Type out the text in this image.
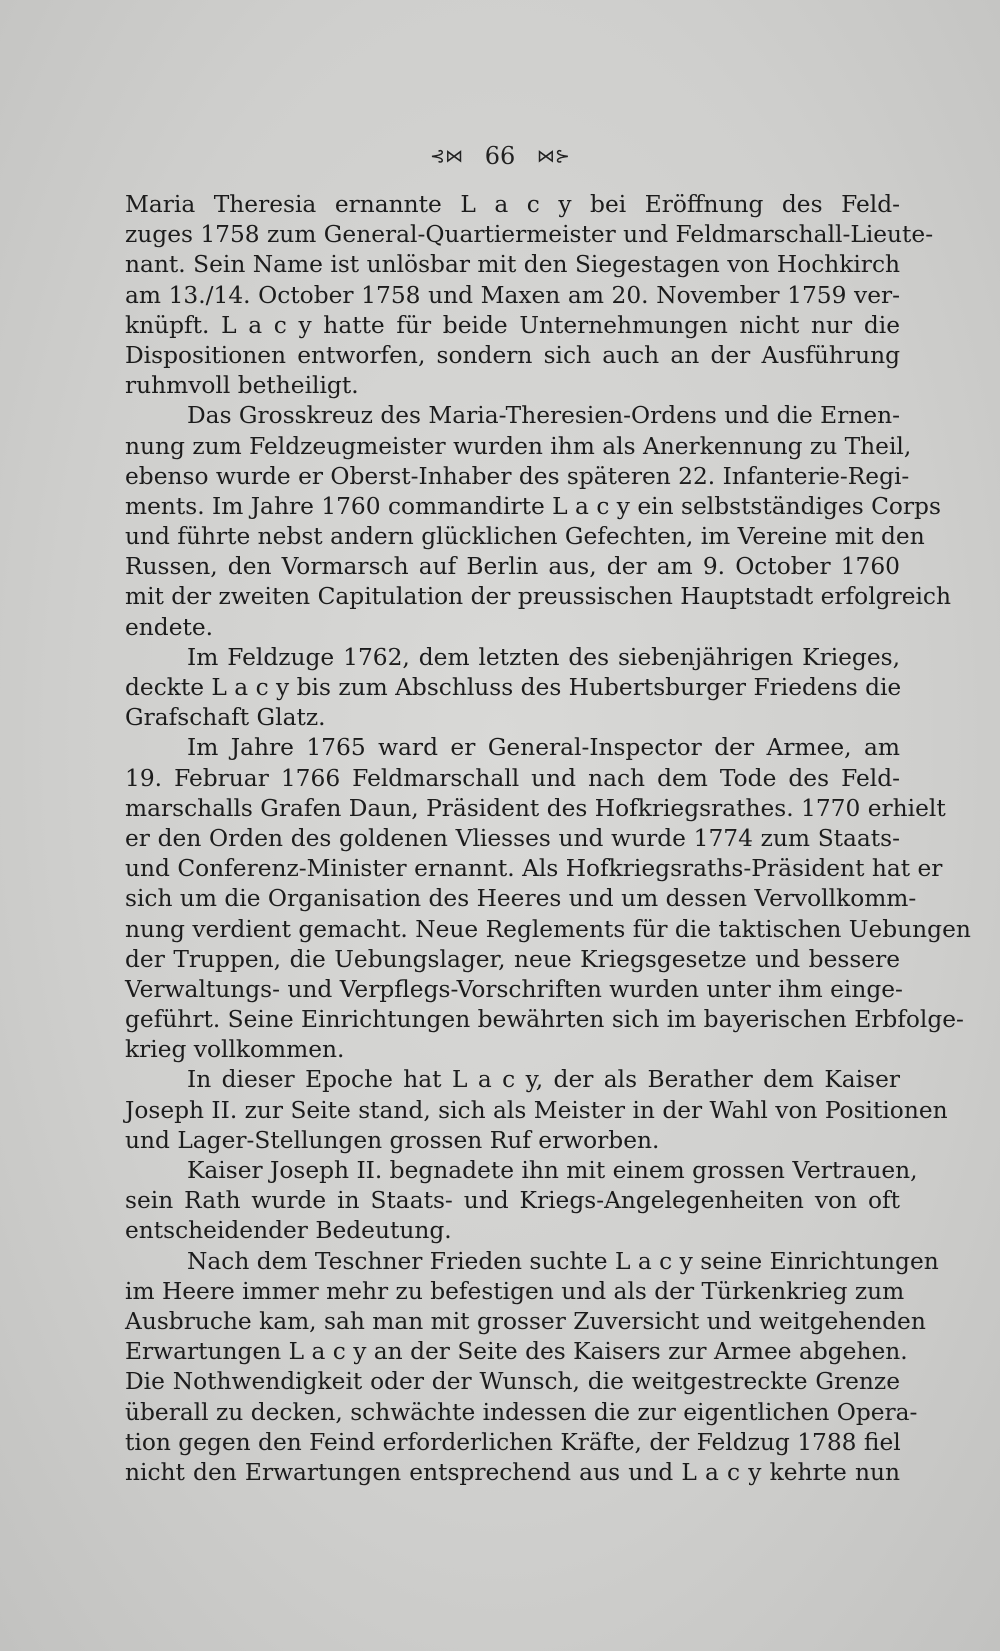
⊰⋈ 66 ⋈⊱
Maria Theresia ernannte L a c y bei Eröffnung des Feld-
zuges 1758 zum General-Quartiermeister und Feldmarschall-Lieute-
nant. Sein Name ist unlösbar mit den Siegestagen von Hochkirch
am 13./14. October 1758 und Maxen am 20. November 1759 ver-
knüpft. L a c y hatte für beide Unternehmungen nicht nur die
Dispositionen entworfen, sondern sich auch an der Ausführung
ruhmvoll betheiligt.
Das Grosskreuz des Maria-Theresien-Ordens und die Ernen-
nung zum Feldzeugmeister wurden ihm als Anerkennung zu Theil,
ebenso wurde er Oberst-Inhaber des späteren 22. Infanterie-Regi-
ments. Im Jahre 1760 commandirte L a c y ein selbstständiges Corps
und führte nebst andern glücklichen Gefechten, im Vereine mit den
Russen, den Vormarsch auf Berlin aus, der am 9. October 1760
mit der zweiten Capitulation der preussischen Hauptstadt erfolgreich
endete.
Im Feldzuge 1762, dem letzten des siebenjährigen Krieges,
deckte L a c y bis zum Abschluss des Hubertsburger Friedens die
Grafschaft Glatz.
Im Jahre 1765 ward er General-Inspector der Armee, am
19. Februar 1766 Feldmarschall und nach dem Tode des Feld-
marschalls Grafen Daun, Präsident des Hofkriegsrathes. 1770 erhielt
er den Orden des goldenen Vliesses und wurde 1774 zum Staats-
und Conferenz-Minister ernannt. Als Hofkriegsraths-Präsident hat er
sich um die Organisation des Heeres und um dessen Vervollkomm-
nung verdient gemacht. Neue Reglements für die taktischen Uebungen
der Truppen, die Uebungslager, neue Kriegsgesetze und bessere
Verwaltungs- und Verpflegs-Vorschriften wurden unter ihm einge-
geführt. Seine Einrichtungen bewährten sich im bayerischen Erbfolge-
krieg vollkommen.
In dieser Epoche hat L a c y, der als Berather dem Kaiser
Joseph II. zur Seite stand, sich als Meister in der Wahl von Positionen
und Lager-Stellungen grossen Ruf erworben.
Kaiser Joseph II. begnadete ihn mit einem grossen Vertrauen,
sein Rath wurde in Staats- und Kriegs-Angelegenheiten von oft
entscheidender Bedeutung.
Nach dem Teschner Frieden suchte L a c y seine Einrichtungen
im Heere immer mehr zu befestigen und als der Türkenkrieg zum
Ausbruche kam, sah man mit grosser Zuversicht und weitgehenden
Erwartungen L a c y an der Seite des Kaisers zur Armee abgehen.
Die Nothwendigkeit oder der Wunsch, die weitgestreckte Grenze
überall zu decken, schwächte indessen die zur eigentlichen Opera-
tion gegen den Feind erforderlichen Kräfte, der Feldzug 1788 fiel
nicht den Erwartungen entsprechend aus und L a c y kehrte nun
